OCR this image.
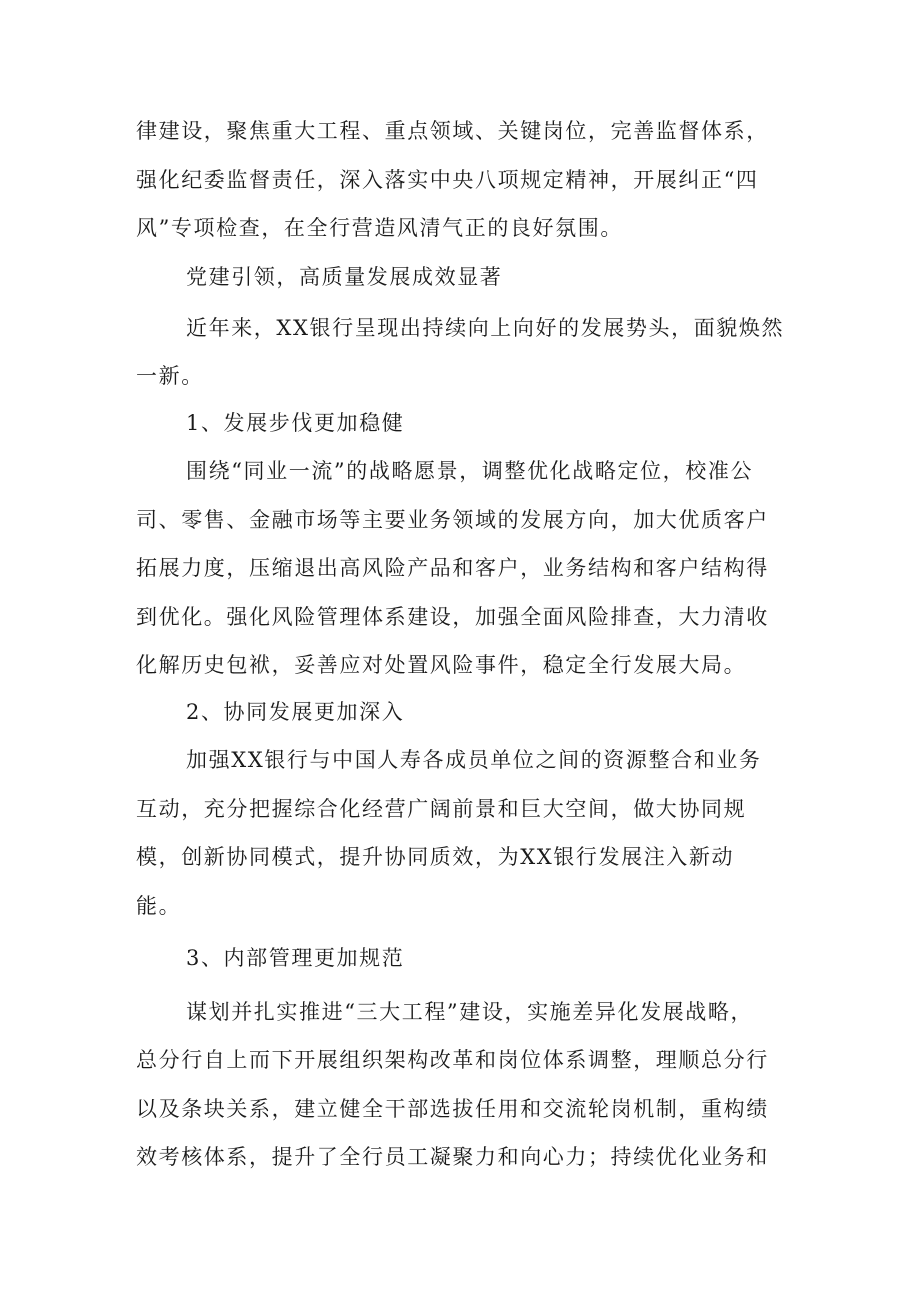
律建设，聚焦重大工程、重点领域、关键岗位，完善监督体系，
强化纪委监督责任，深入落实中央八项规定精神，开展纠正“四
风”专项检查，在全行营造风清气正的良好氛围。
党建引领，高质量发展成效显著
近年来，XX银行呈现出持续向上向好的发展势头，面貌焕然
一新。
1、发展步伐更加稳健
围绕“同业一流”的战略愿景，调整优化战略定位，校准公
司、零售、金融市场等主要业务领域的发展方向，加大优质客户
拓展力度，压缩退出高风险产品和客户，业务结构和客户结构得
到优化。强化风险管理体系建设，加强全面风险排查，大力清收
化解历史包袱，妥善应对处置风险事件，稳定全行发展大局。
2、协同发展更加深入
加强XX银行与中国人寿各成员单位之间的资源整合和业务
互动，充分把握综合化经营广阔前景和巨大空间，做大协同规
模，创新协同模式，提升协同质效，为XX银行发展注入新动
能。
3、内部管理更加规范
谋划并扎实推进“三大工程”建设，实施差异化发展战略，
总分行自上而下开展组织架构改革和岗位体系调整，理顺总分行
以及条块关系，建立健全干部选拔任用和交流轮岗机制，重构绩
效考核体系，提升了全行员工凝聚力和向心力；持续优化业务和
